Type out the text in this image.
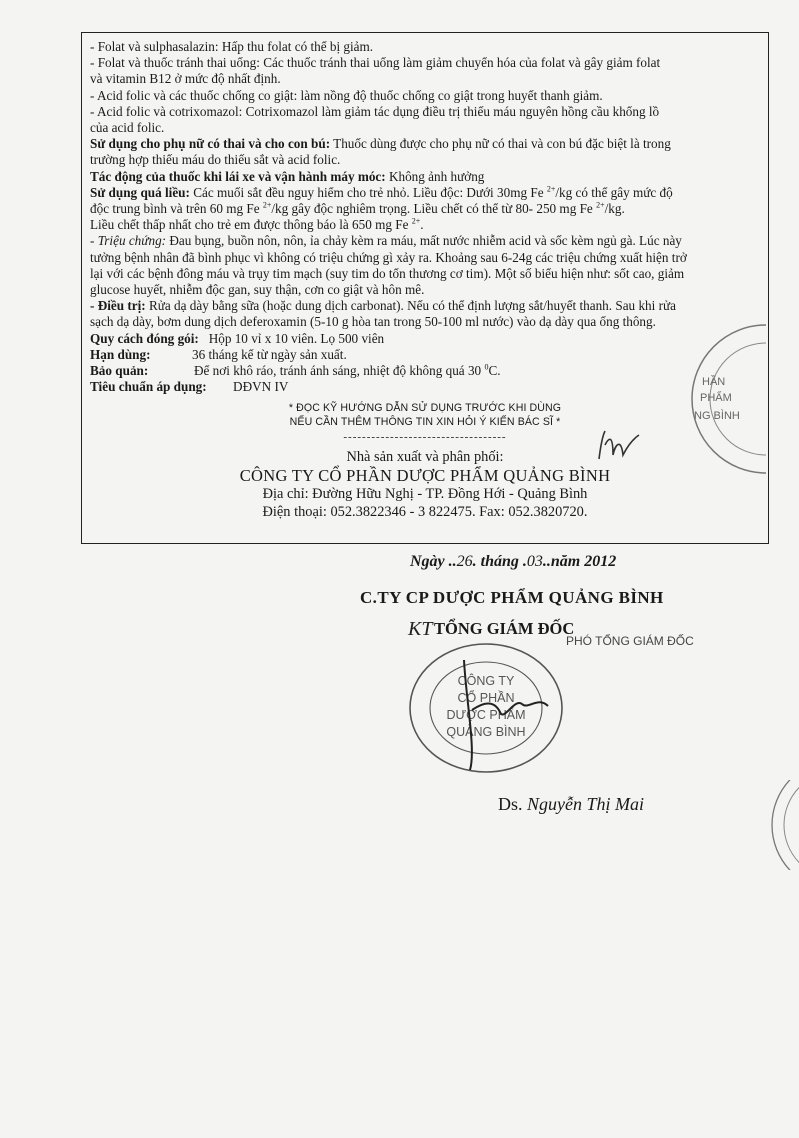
- Folat và sulphasalazin: Hấp thu folat có thể bị giảm.
- Folat và thuốc tránh thai uống: Các thuốc tránh thai uống làm giảm chuyển hóa của folat và gây giảm folat
và vitamin B12 ở mức độ nhất định.
- Acid folic và các thuốc chống co giật: làm nồng độ thuốc chống co giật trong huyết thanh giảm.
- Acid folic và cotrixomazol: Cotrixomazol làm giảm tác dụng điều trị thiếu máu nguyên hồng cầu khổng lồ
của acid folic.
Sử dụng cho phụ nữ có thai và cho con bú: Thuốc dùng được cho phụ nữ có thai và con bú đặc biệt là trong
trường hợp thiếu máu do thiếu sắt và acid folic.
Tác động của thuốc khi lái xe và vận hành máy móc: Không ảnh hưởng
Sử dụng quá liều: Các muối sắt đều nguy hiểm cho trẻ nhỏ. Liều độc: Dưới 30mg Fe $^{2+}$/kg có thể gây mức độ
độc trung bình và trên 60 mg Fe $^{2+}$/kg gây độc nghiêm trọng. Liều chết có thể từ 80- 250 mg Fe $^{2+}$/kg.
Liều chết thấp nhất cho trẻ em được thông báo là 650 mg Fe $^{2+}$.
- Triệu chứng: Đau bụng, buồn nôn, nôn, ỉa chảy kèm ra máu, mất nước nhiễm acid và sốc kèm ngủ gà. Lúc này
tưởng bệnh nhân đã bình phục vì không có triệu chứng gì xảy ra. Khoảng sau 6-24g các triệu chứng xuất hiện trở
lại với các bệnh đông máu và trụy tim mạch (suy tim do tổn thương cơ tim). Một số biểu hiện như: sốt cao, giảm
glucose huyết, nhiễm độc gan, suy thận, cơn co giật và hôn mê.
- Điều trị: Rửa dạ dày bằng sữa (hoặc dung dịch carbonat). Nếu có thể định lượng sắt/huyết thanh. Sau khi rửa
sạch dạ dày, bơm dung dịch deferoxamin (5-10 g hòa tan trong 50-100 ml nước) vào dạ dày qua ống thông.
Quy cách đóng gói: Hộp 10 vỉ x 10 viên. Lọ 500 viên
Hạn dùng:	36 tháng kể từ ngày sản xuất.
Bảo quản:	Để nơi khô ráo, tránh ánh sáng, nhiệt độ không quá 30 $^0$C.
Tiêu chuẩn áp dụng: DĐVN IV
* ĐỌC KỸ HƯỚNG DẪN SỬ DỤNG TRƯỚC KHI DÙNG
NẾU CẦN THÊM THÔNG TIN XIN HỎI Ý KIẾN BÁC SĨ *
-----------------------------------
Nhà sản xuất và phân phối:
CÔNG TY CỔ PHẦN DƯỢC PHẨM QUẢNG BÌNH
Địa chỉ: Đường Hữu Nghị - TP. Đồng Hới - Quảng Bình
Điện thoại: 052.3822346 - 3 822475. Fax: 052.3820720.
HẦN
PHẨM
NG BÌNH
Ngày ..26. tháng .03..năm 2012
C.TY CP DƯỢC PHẨM QUẢNG BÌNH
KT TỔNG GIÁM ĐỐC
PHÓ TỔNG GIÁM ĐỐC
CÔNG TY
CỔ PHẦN
DƯỢC PHẨM
QUẢNG BÌNH
Ds. Nguyễn Thị Mai
